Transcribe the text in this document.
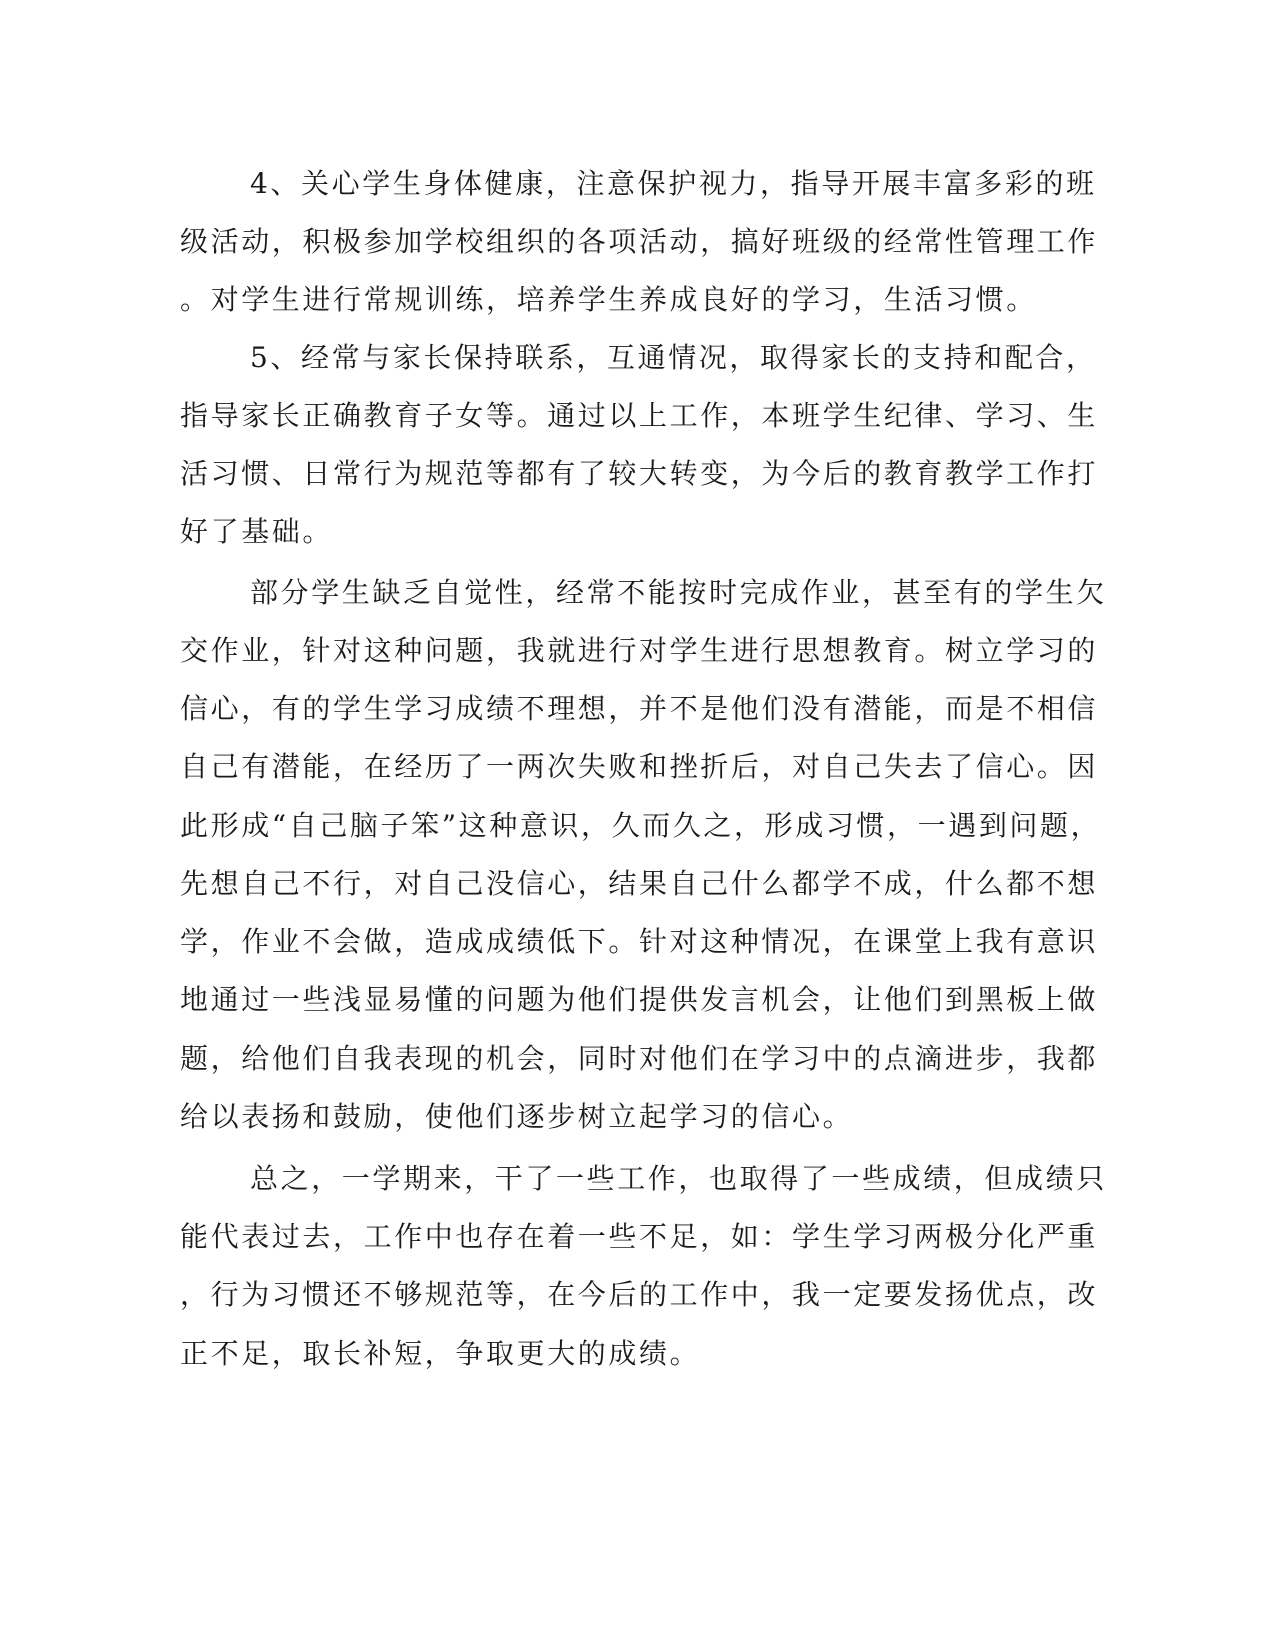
4、关心学生身体健康，注意保护视力，指导开展丰富多彩的班
级活动，积极参加学校组织的各项活动，搞好班级的经常性管理工作
。对学生进行常规训练，培养学生养成良好的学习，生活习惯。
5、经常与家长保持联系，互通情况，取得家长的支持和配合，
指导家长正确教育子女等。通过以上工作，本班学生纪律、学习、生
活习惯、日常行为规范等都有了较大转变，为今后的教育教学工作打
好了基础。
部分学生缺乏自觉性，经常不能按时完成作业，甚至有的学生欠
交作业，针对这种问题，我就进行对学生进行思想教育。树立学习的
信心，有的学生学习成绩不理想，并不是他们没有潜能，而是不相信
自己有潜能，在经历了一两次失败和挫折后，对自己失去了信心。因
此形成“自己脑子笨”这种意识，久而久之，形成习惯，一遇到问题，
先想自己不行，对自己没信心，结果自己什么都学不成，什么都不想
学，作业不会做，造成成绩低下。针对这种情况，在课堂上我有意识
地通过一些浅显易懂的问题为他们提供发言机会，让他们到黑板上做
题，给他们自我表现的机会，同时对他们在学习中的点滴进步，我都
给以表扬和鼓励，使他们逐步树立起学习的信心。
总之，一学期来，干了一些工作，也取得了一些成绩，但成绩只
能代表过去，工作中也存在着一些不足，如：学生学习两极分化严重
，行为习惯还不够规范等，在今后的工作中，我一定要发扬优点，改
正不足，取长补短，争取更大的成绩。
